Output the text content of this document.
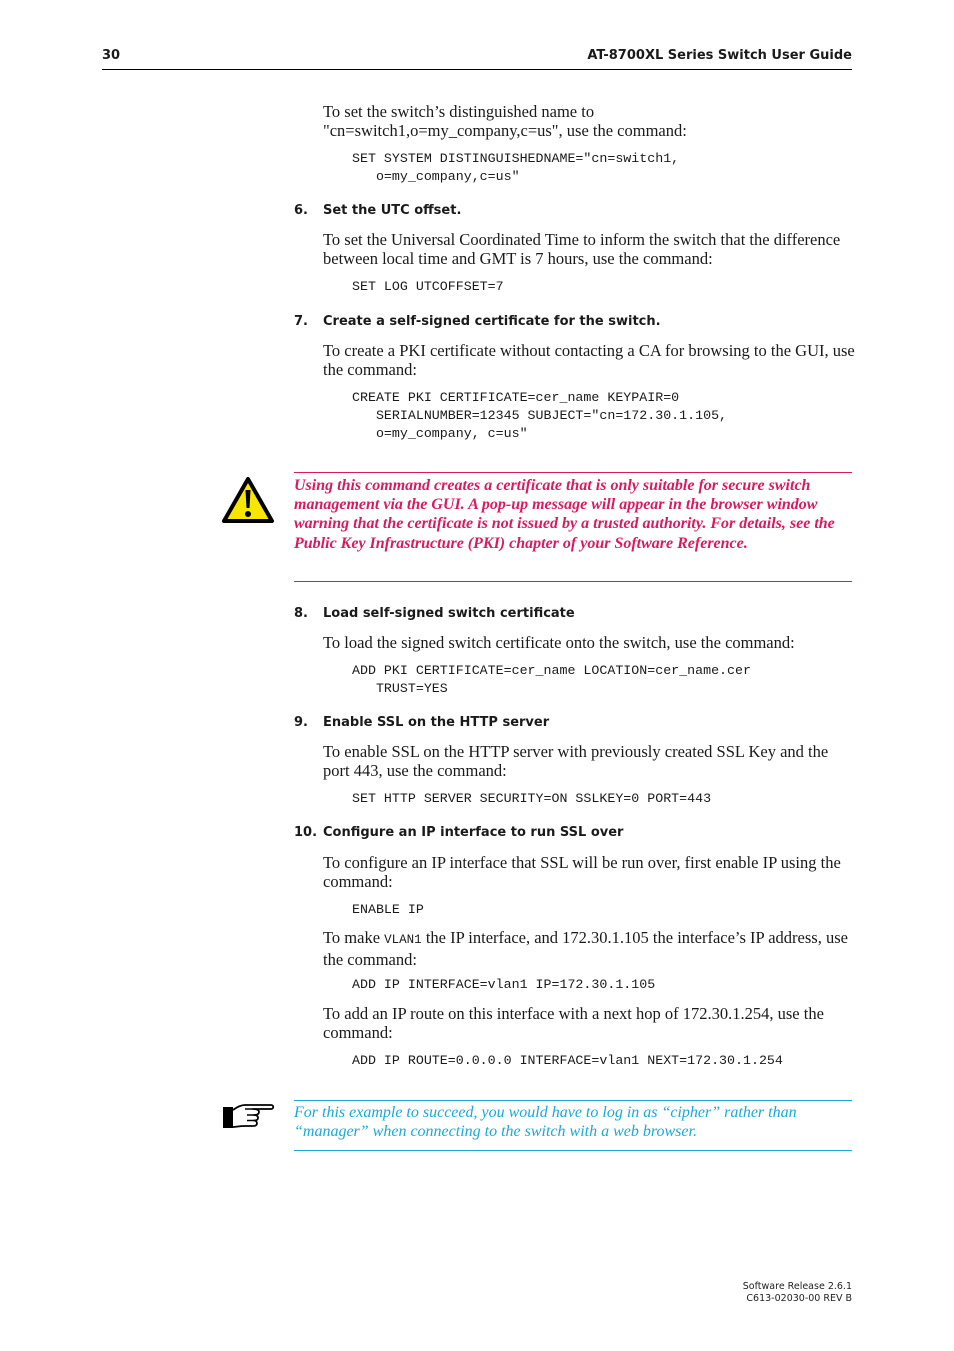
30	AT-8700XL Series Switch User Guide

To set the switch’s distinguished name to
"cn=switch1,o=my_company,c=us", use the command:

SET SYSTEM DISTINGUISHEDNAME="cn=switch1,
o=my_company,c=us"
6. Set the UTC offset.

To set the Universal Coordinated Time to inform the switch that the difference between local time and GMT is 7 hours, use the command:

SET LOG UTCOFFSET=7
7. Create a self-signed certificate for the switch.

To create a PKI certificate without contacting a CA for browsing to the GUI, use the command:

CREATE PKI CERTIFICATE=cer_name KEYPAIR=0
SERIALNUMBER=12345 SUBJECT="cn=172.30.1.105,
o=my_company, c=us"

Using this command creates a certificate that is only suitable for secure switch management via the GUI. A pop-up message will appear in the browser window warning that the certificate is not issued by a trusted authority. For details, see the Public Key Infrastructure (PKI) chapter of your Software Reference.

8. Load self-signed switch certificate

To load the signed switch certificate onto the switch, use the command:

ADD PKI CERTIFICATE=cer_name LOCATION=cer_name.cer
TRUST=YES
9. Enable SSL on the HTTP server

To enable SSL on the HTTP server with previously created SSL Key and the port 443, use the command:

SET HTTP SERVER SECURITY=ON SSLKEY=0 PORT=443
10. Configure an IP interface to run SSL over

To configure an IP interface that SSL will be run over, first enable IP using the command:

ENABLE IP

To make VLAN1 the IP interface, and 172.30.1.105 the interface’s IP address, use the command:

ADD IP INTERFACE=vlan1 IP=172.30.1.105

To add an IP route on this interface with a next hop of 172.30.1.254, use the command:

ADD IP ROUTE=0.0.0.0 INTERFACE=vlan1 NEXT=172.30.1.254

For this example to succeed, you would have to log in as “cipher” rather than “manager” when connecting to the switch with a web browser.

Software Release 2.6.1
C613-02030-00 REV B
